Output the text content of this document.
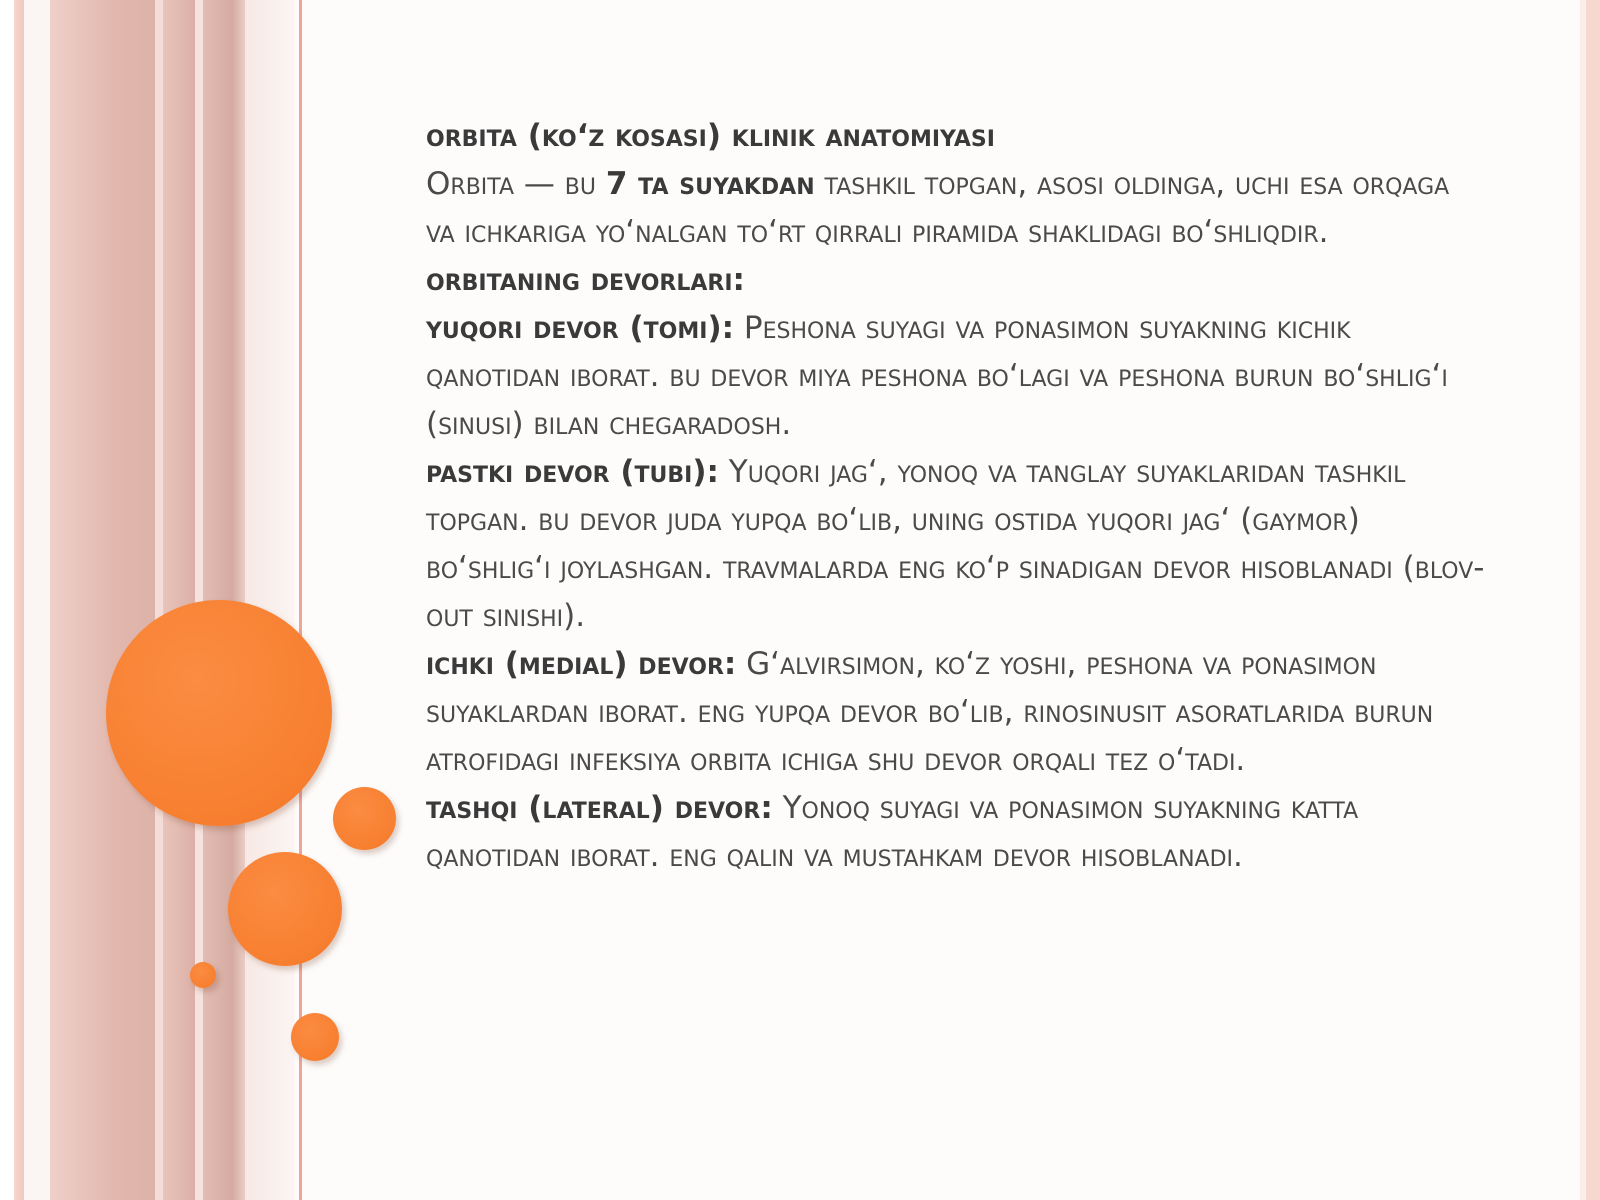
orbita (ko‘z kosasi) klinik anatomiyasi

Orbita — bu 7 ta suyakdan tashkil topgan, asosi oldinga, uchi esa orqaga va ichkariga yo‘nalgan to‘rt qirrali piramida shaklidagi bo‘shliqdir.

orbitaning devorlari:

yuqori devor (tomi): Peshona suyagi va ponasimon suyakning kichik qanotidan iborat. bu devor miya peshona bo‘lagi va peshona burun bo‘shlig‘i (sinusi) bilan chegaradosh.

pastki devor (tubi): Yuqori jag‘, yonoq va tanglay suyaklaridan tashkil topgan. bu devor juda yupqa bo‘lib, uning ostida yuqori jag‘ (gaymor) bo‘shlig‘i joylashgan. travmalarda eng ko‘p sinadigan devor hisoblanadi (blov-out sinishi).

ichki (medial) devor: G‘alvirsimon, ko‘z yoshi, peshona va ponasimon suyaklardan iborat. eng yupqa devor bo‘lib, rinosinusit asoratlarida burun atrofidagi infeksiya orbita ichiga shu devor orqali tez o‘tadi.

tashqi (lateral) devor: Yonoq suyagi va ponasimon suyakning katta qanotidan iborat. eng qalin va mustahkam devor hisoblanadi.
